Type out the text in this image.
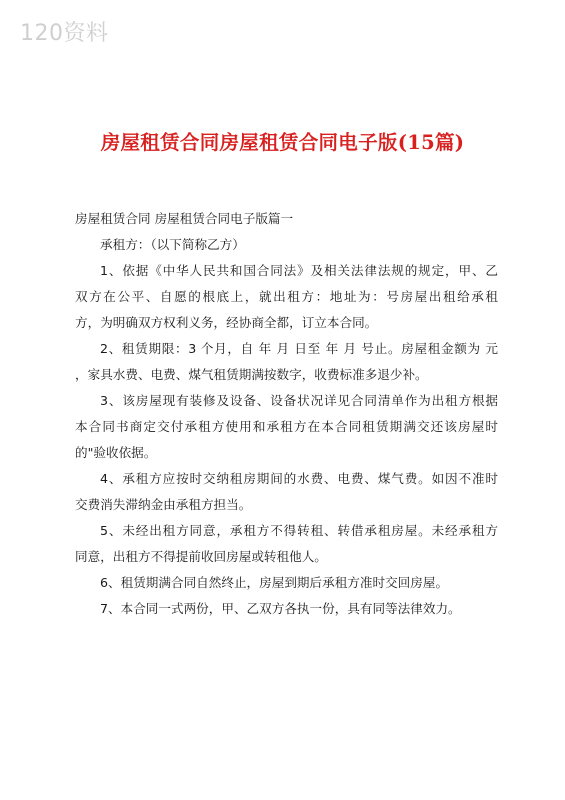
120资料
房屋租赁合同房屋租赁合同电子版(15篇)
房屋租赁合同 房屋租赁合同电子版篇一
承租方：（以下简称乙方）
1、依据《中华人民共和国合同法》及相关法律法规的规定，甲、乙
双方在公平、自愿的根底上，就出租方：地址为：号房屋出租给承租
方，为明确双方权利义务，经协商全都，订立本合同。
2、租赁期限：3 个月，自 年 月 日至 年 月 号止。房屋租金额为 元
，家具水费、电费、煤气租赁期满按数字，收费标准多退少补。
3、该房屋现有装修及设备、设备状况详见合同清单作为出租方根据
本合同书商定交付承租方使用和承租方在本合同租赁期满交还该房屋时
的"验收依据。
4、承租方应按时交纳租房期间的水费、电费、煤气费。如因不准时
交费消失滞纳金由承租方担当。
5、未经出租方同意，承租方不得转租、转借承租房屋。未经承租方
同意，出租方不得提前收回房屋或转租他人。
6、租赁期满合同自然终止，房屋到期后承租方准时交回房屋。
7、本合同一式两份，甲、乙双方各执一份，具有同等法律效力。
